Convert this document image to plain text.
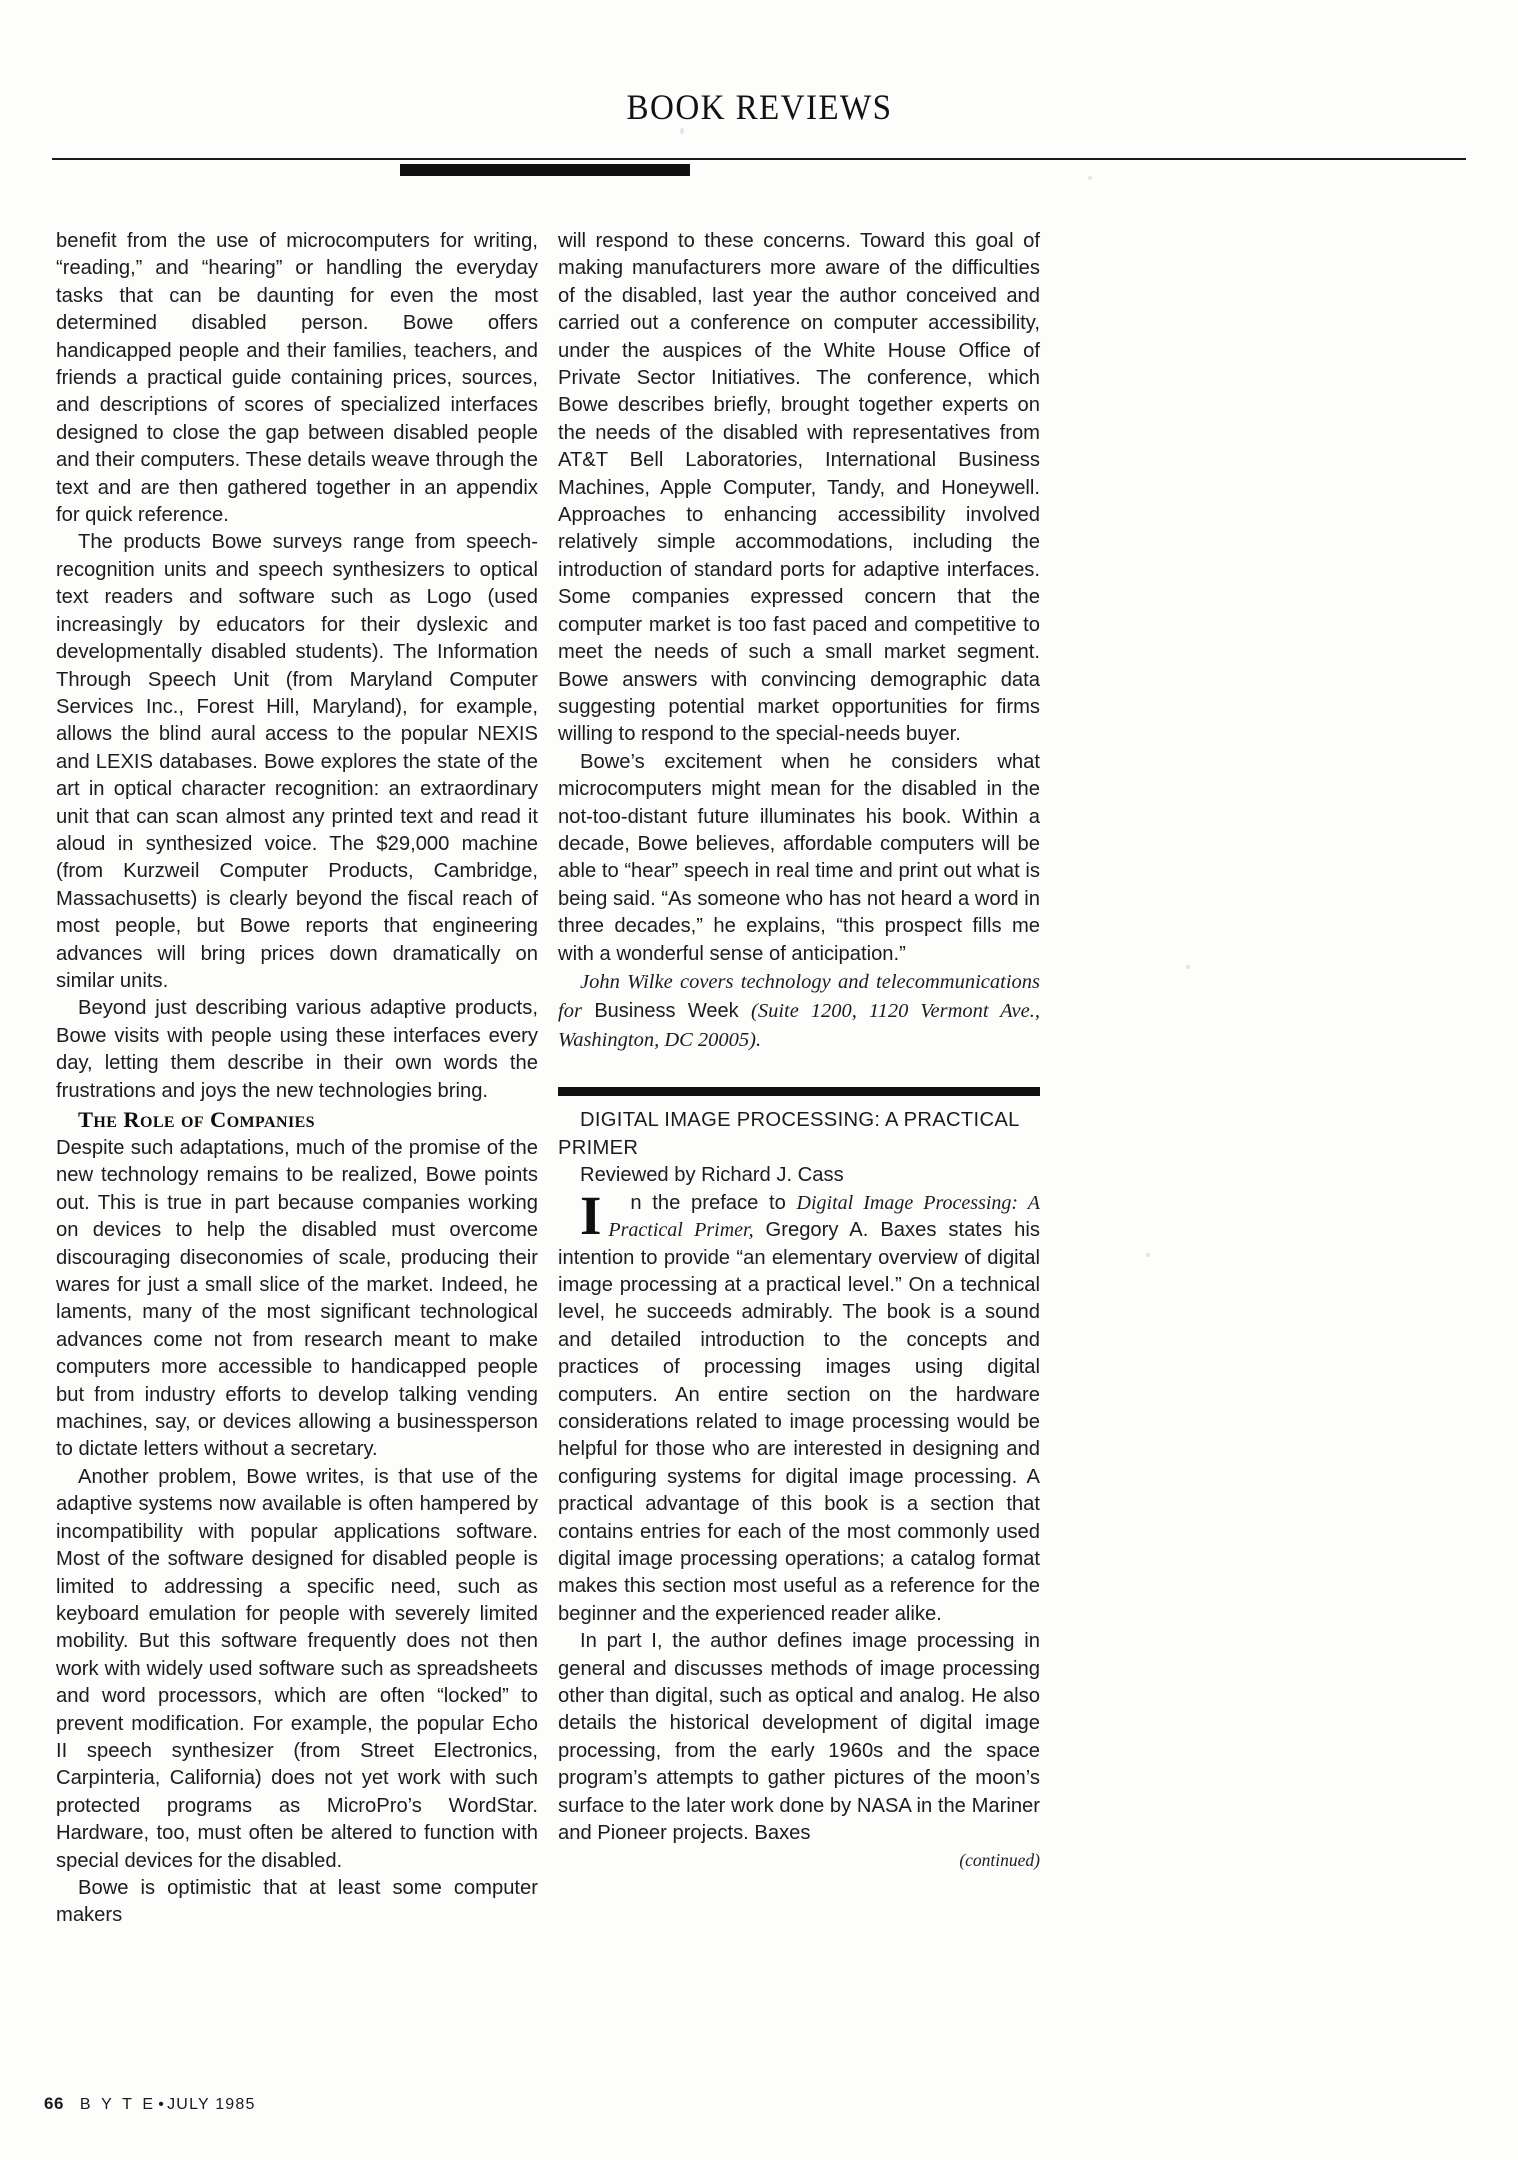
BOOK REVIEWS

benefit from the use of microcomputers for writing, “reading,” and “hearing” or handling the everyday tasks that can be daunting for even the most determined disabled person. Bowe offers handicapped people and their families, teachers, and friends a practical guide containing prices, sources, and descriptions of scores of specialized interfaces designed to close the gap between disabled people and their computers. These details weave through the text and are then gathered together in an appendix for quick reference.

The products Bowe surveys range from speech-recognition units and speech synthesizers to optical text readers and software such as Logo (used increasingly by educators for their dyslexic and developmentally disabled students). The Information Through Speech Unit (from Maryland Computer Services Inc., Forest Hill, Maryland), for example, allows the blind aural access to the popular NEXIS and LEXIS databases. Bowe explores the state of the art in optical character recognition: an extraordinary unit that can scan almost any printed text and read it aloud in synthesized voice. The $29,000 machine (from Kurzweil Computer Products, Cambridge, Massachusetts) is clearly beyond the fiscal reach of most people, but Bowe reports that engineering advances will bring prices down dramatically on similar units.

Beyond just describing various adaptive products, Bowe visits with people using these interfaces every day, letting them describe in their own words the frustrations and joys the new technologies bring.

The Role of Companies

Despite such adaptations, much of the promise of the new technology remains to be realized, Bowe points out. This is true in part because companies working on devices to help the disabled must overcome discouraging diseconomies of scale, producing their wares for just a small slice of the market. Indeed, he laments, many of the most significant technological advances come not from research meant to make computers more accessible to handicapped people but from industry efforts to develop talking vending machines, say, or devices allowing a businessperson to dictate letters without a secretary.

Another problem, Bowe writes, is that use of the adaptive systems now available is often hampered by incompatibility with popular applications software. Most of the software designed for disabled people is limited to addressing a specific need, such as keyboard emulation for people with severely limited mobility. But this software frequently does not then work with widely used software such as spreadsheets and word processors, which are often “locked” to prevent modification. For example, the popular Echo II speech synthesizer (from Street Electronics, Carpinteria, California) does not yet work with such protected programs as MicroPro’s WordStar. Hardware, too, must often be altered to function with special devices for the disabled.

Bowe is optimistic that at least some computer makers

will respond to these concerns. Toward this goal of making manufacturers more aware of the difficulties of the disabled, last year the author conceived and carried out a conference on computer accessibility, under the auspices of the White House Office of Private Sector Initiatives. The conference, which Bowe describes briefly, brought together experts on the needs of the disabled with representatives from AT&T Bell Laboratories, International Business Machines, Apple Computer, Tandy, and Honeywell. Approaches to enhancing accessibility involved relatively simple accommodations, including the introduction of standard ports for adaptive interfaces. Some companies expressed concern that the computer market is too fast paced and competitive to meet the needs of such a small market segment. Bowe answers with convincing demographic data suggesting potential market opportunities for firms willing to respond to the special-needs buyer.

Bowe’s excitement when he considers what microcomputers might mean for the disabled in the not-too-distant future illuminates his book. Within a decade, Bowe believes, affordable computers will be able to “hear” speech in real time and print out what is being said. “As someone who has not heard a word in three decades,” he explains, “this prospect fills me with a wonderful sense of anticipation.”

John Wilke covers technology and telecommunications for Business Week (Suite 1200, 1120 Vermont Ave., Washington, DC 20005).

DIGITAL IMAGE PROCESSING: A PRACTICAL PRIMER

Reviewed by Richard J. Cass

I	n the preface to Digital Image Processing: A Practical Primer, Gregory A. Baxes states his intention to provide “an elementary overview of digital image processing at a practical level.” On a technical level, he succeeds admirably. The book is a sound and detailed introduction to the concepts and practices of processing images using digital computers. An entire section on the hardware considerations related to image processing would be helpful for those who are interested in designing and configuring systems for digital image processing. A practical advantage of this book is a section that contains entries for each of the most commonly used digital image processing operations; a catalog format makes this section most useful as a reference for the beginner and the experienced reader alike.

In part I, the author defines image processing in general and discusses methods of image processing other than digital, such as optical and analog. He also details the historical development of digital image processing, from the early 1960s and the space program’s attempts to gather pictures of the moon’s surface to the later work done by NASA in the Mariner and Pioneer projects. Baxes

(continued)

66 B Y T E • JULY 1985
